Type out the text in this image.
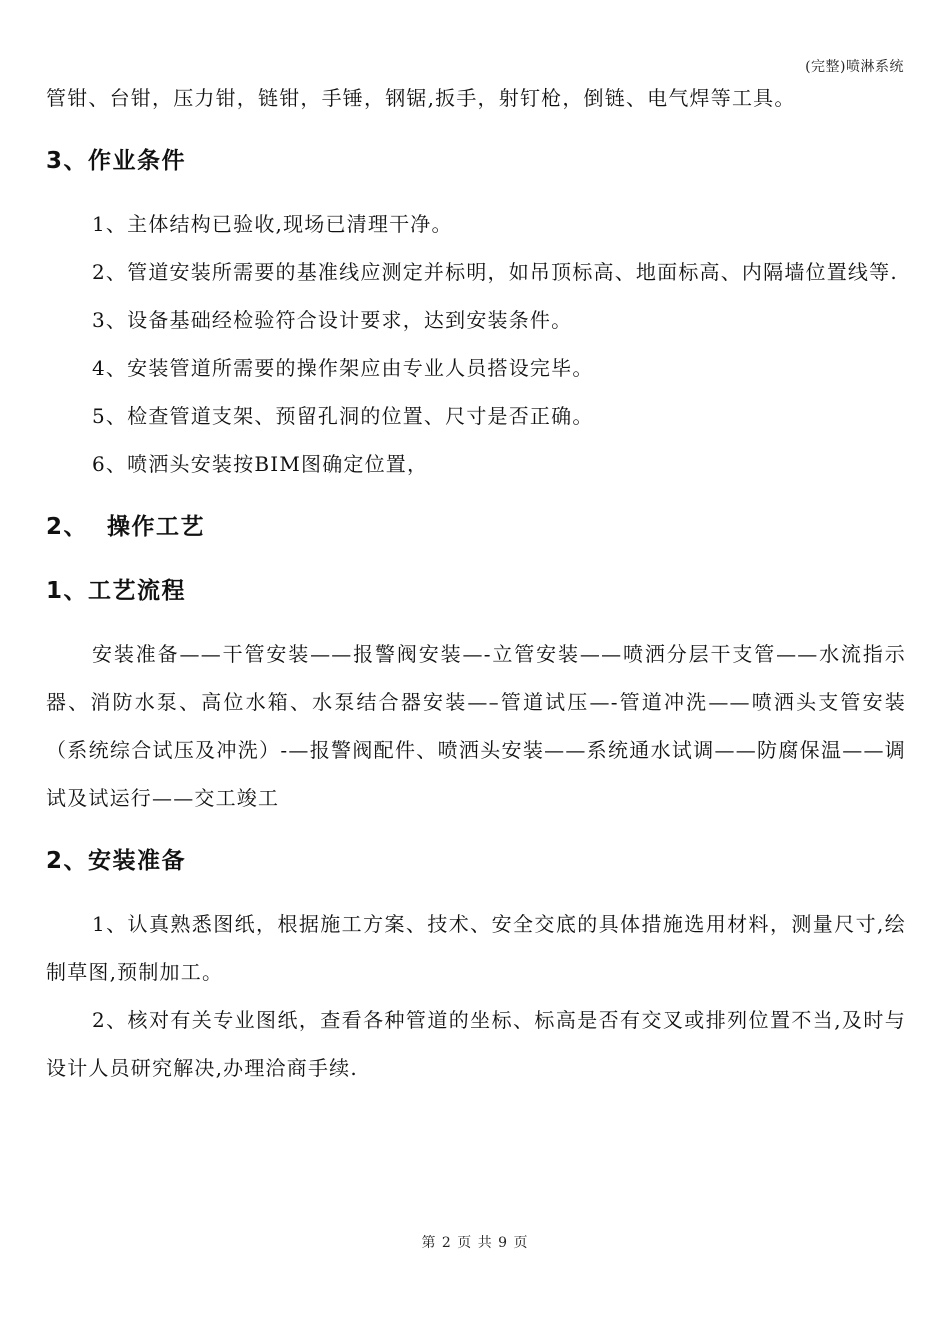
(完整)喷淋系统

管钳、台钳，压力钳，链钳，手锤，钢锯,扳手，射钉枪，倒链、电气焊等工具。

3、作业条件

1、主体结构已验收,现场已清理干净。

2、管道安装所需要的基准线应测定并标明，如吊顶标高、地面标高、内隔墙位置线等.

3、设备基础经检验符合设计要求，达到安装条件。

4、安装管道所需要的操作架应由专业人员搭设完毕。

5、检查管道支架、预留孔洞的位置、尺寸是否正确。

6、喷洒头安装按BIM图确定位置，

2、  操作工艺
1、工艺流程

安装准备——干管安装——报警阀安装—-立管安装——喷洒分层干支管——水流指示器、消防水泵、高位水箱、水泵结合器安装—–管道试压—-管道冲洗——喷洒头支管安装（系统综合试压及冲洗）-—报警阀配件、喷洒头安装——系统通水试调——防腐保温——调试及试运行——交工竣工

2、安装准备

1、认真熟悉图纸，根据施工方案、技术、安全交底的具体措施选用材料，测量尺寸,绘制草图,预制加工。

2、核对有关专业图纸，查看各种管道的坐标、标高是否有交叉或排列位置不当,及时与设计人员研究解决,办理洽商手续.

第 2 页 共 9 页
